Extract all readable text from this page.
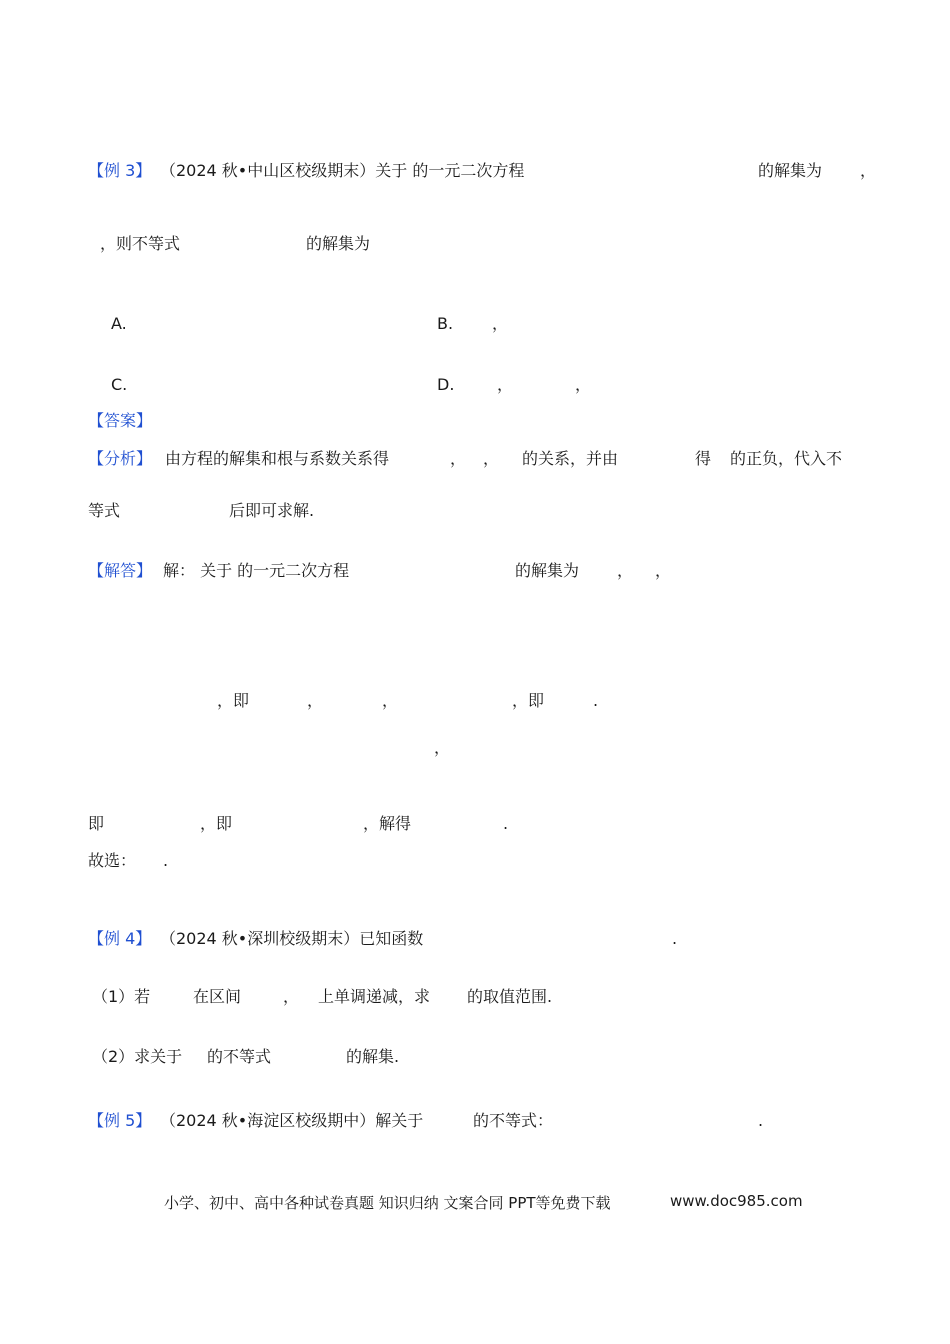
【例 3】 （2024 秋•中山区校级期末）关于 的一元二次方程	的解集为 ，
，则不等式	的解集为
A.	B. ，
C.	D.	，	，
【答案】
【分析】 由方程的解集和根与系数关系得	， ， 的关系，并由	得 的正负，代入不
等式	后即可求解.
【解答】 解： 关于 的一元二次方程	的解集为 ， ，
，即	，	，	，即	.
，
即	，即	，解得	.
故选： .
【例 4】 （2024 秋•深圳校级期末）已知函数	.
（1）若	在区间	， 上单调递减，求 的取值范围.
（2）求关于 的不等式	的解集.
【例 5】 （2024 秋•海淀区校级期中）解关于	的不等式：	.
小学、初中、高中各种试卷真题 知识归纳 文案合同 PPT等免费下载	www.doc985.com
